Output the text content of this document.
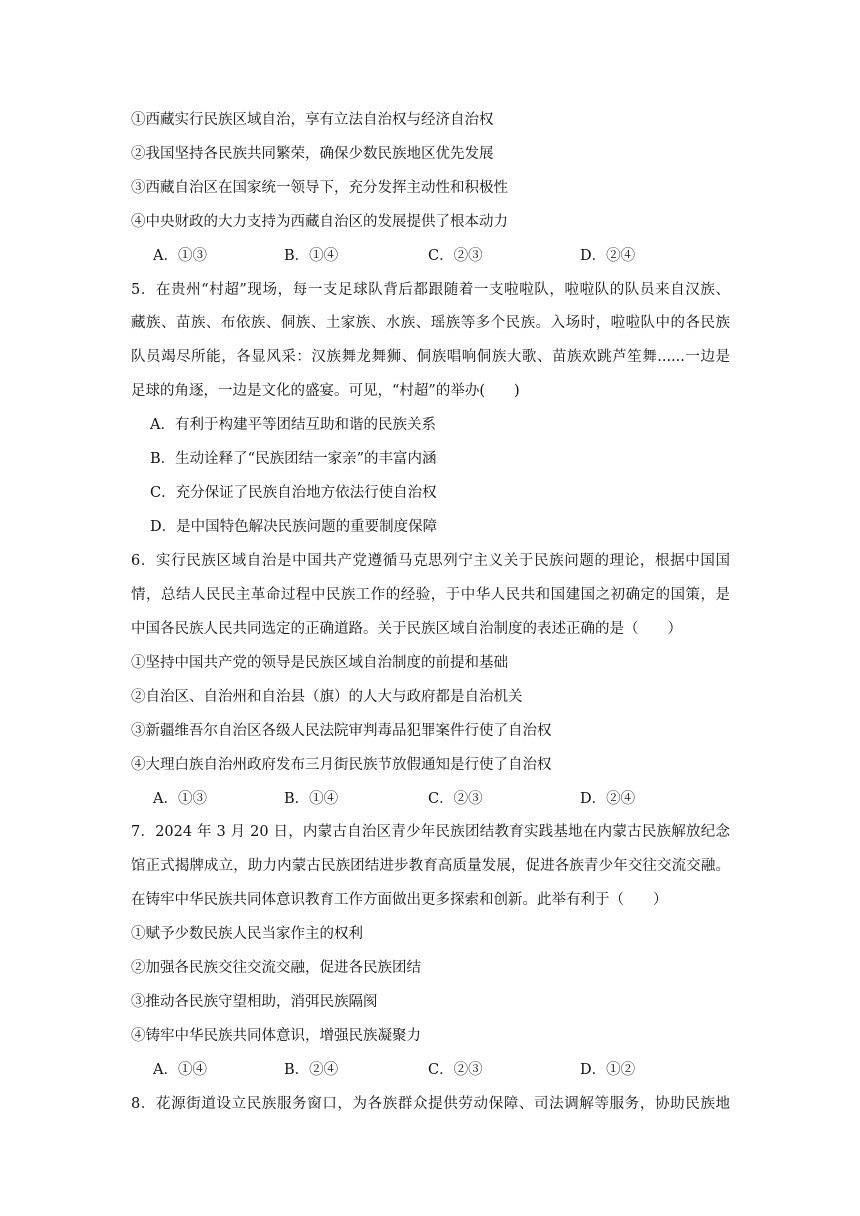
①西藏实行民族区域自治，享有立法自治权与经济自治权
②我国坚持各民族共同繁荣，确保少数民族地区优先发展
③西藏自治区在国家统一领导下，充分发挥主动性和积极性
④中央财政的大力支持为西藏自治区的发展提供了根本动力
A．①③	B．①④	C．②③	D．②④
5．在贵州“村超”现场，每一支足球队背后都跟随着一支啦啦队，啦啦队的队员来自汉族、
藏族、苗族、布依族、侗族、土家族、水族、瑶族等多个民族。入场时，啦啦队中的各民族
队员竭尽所能，各显风采：汉族舞龙舞狮、侗族唱响侗族大歌、苗族欢跳芦笙舞......一边是
足球的角逐，一边是文化的盛宴。可见，“村超”的举办(　　)
A．有利于构建平等团结互助和谐的民族关系
B．生动诠释了“民族团结一家亲”的丰富内涵
C．充分保证了民族自治地方依法行使自治权
D．是中国特色解决民族问题的重要制度保障
6．实行民族区域自治是中国共产党遵循马克思列宁主义关于民族问题的理论，根据中国国
情，总结人民民主革命过程中民族工作的经验，于中华人民共和国建国之初确定的国策，是
中国各民族人民共同选定的正确道路。关于民族区域自治制度的表述正确的是（　　）
①坚持中国共产党的领导是民族区域自治制度的前提和基础
②自治区、自治州和自治县（旗）的人大与政府都是自治机关
③新疆维吾尔自治区各级人民法院审判毒品犯罪案件行使了自治权
④大理白族自治州政府发布三月街民族节放假通知是行使了自治权
A．①③	B．①④	C．②③	D．②④
7．2024 年 3 月 20 日，内蒙古自治区青少年民族团结教育实践基地在内蒙古民族解放纪念
馆正式揭牌成立，助力内蒙古民族团结进步教育高质量发展，促进各族青少年交往交流交融。
在铸牢中华民族共同体意识教育工作方面做出更多探索和创新。此举有利于（　　）
①赋予少数民族人民当家作主的权利
②加强各民族交往交流交融，促进各民族团结
③推动各民族守望相助，消弭民族隔阂
④铸牢中华民族共同体意识，增强民族凝聚力
A．①④	B．②④	C．②③	D．①②
8．花源街道设立民族服务窗口，为各族群众提供劳动保障、司法调解等服务，协助民族地
